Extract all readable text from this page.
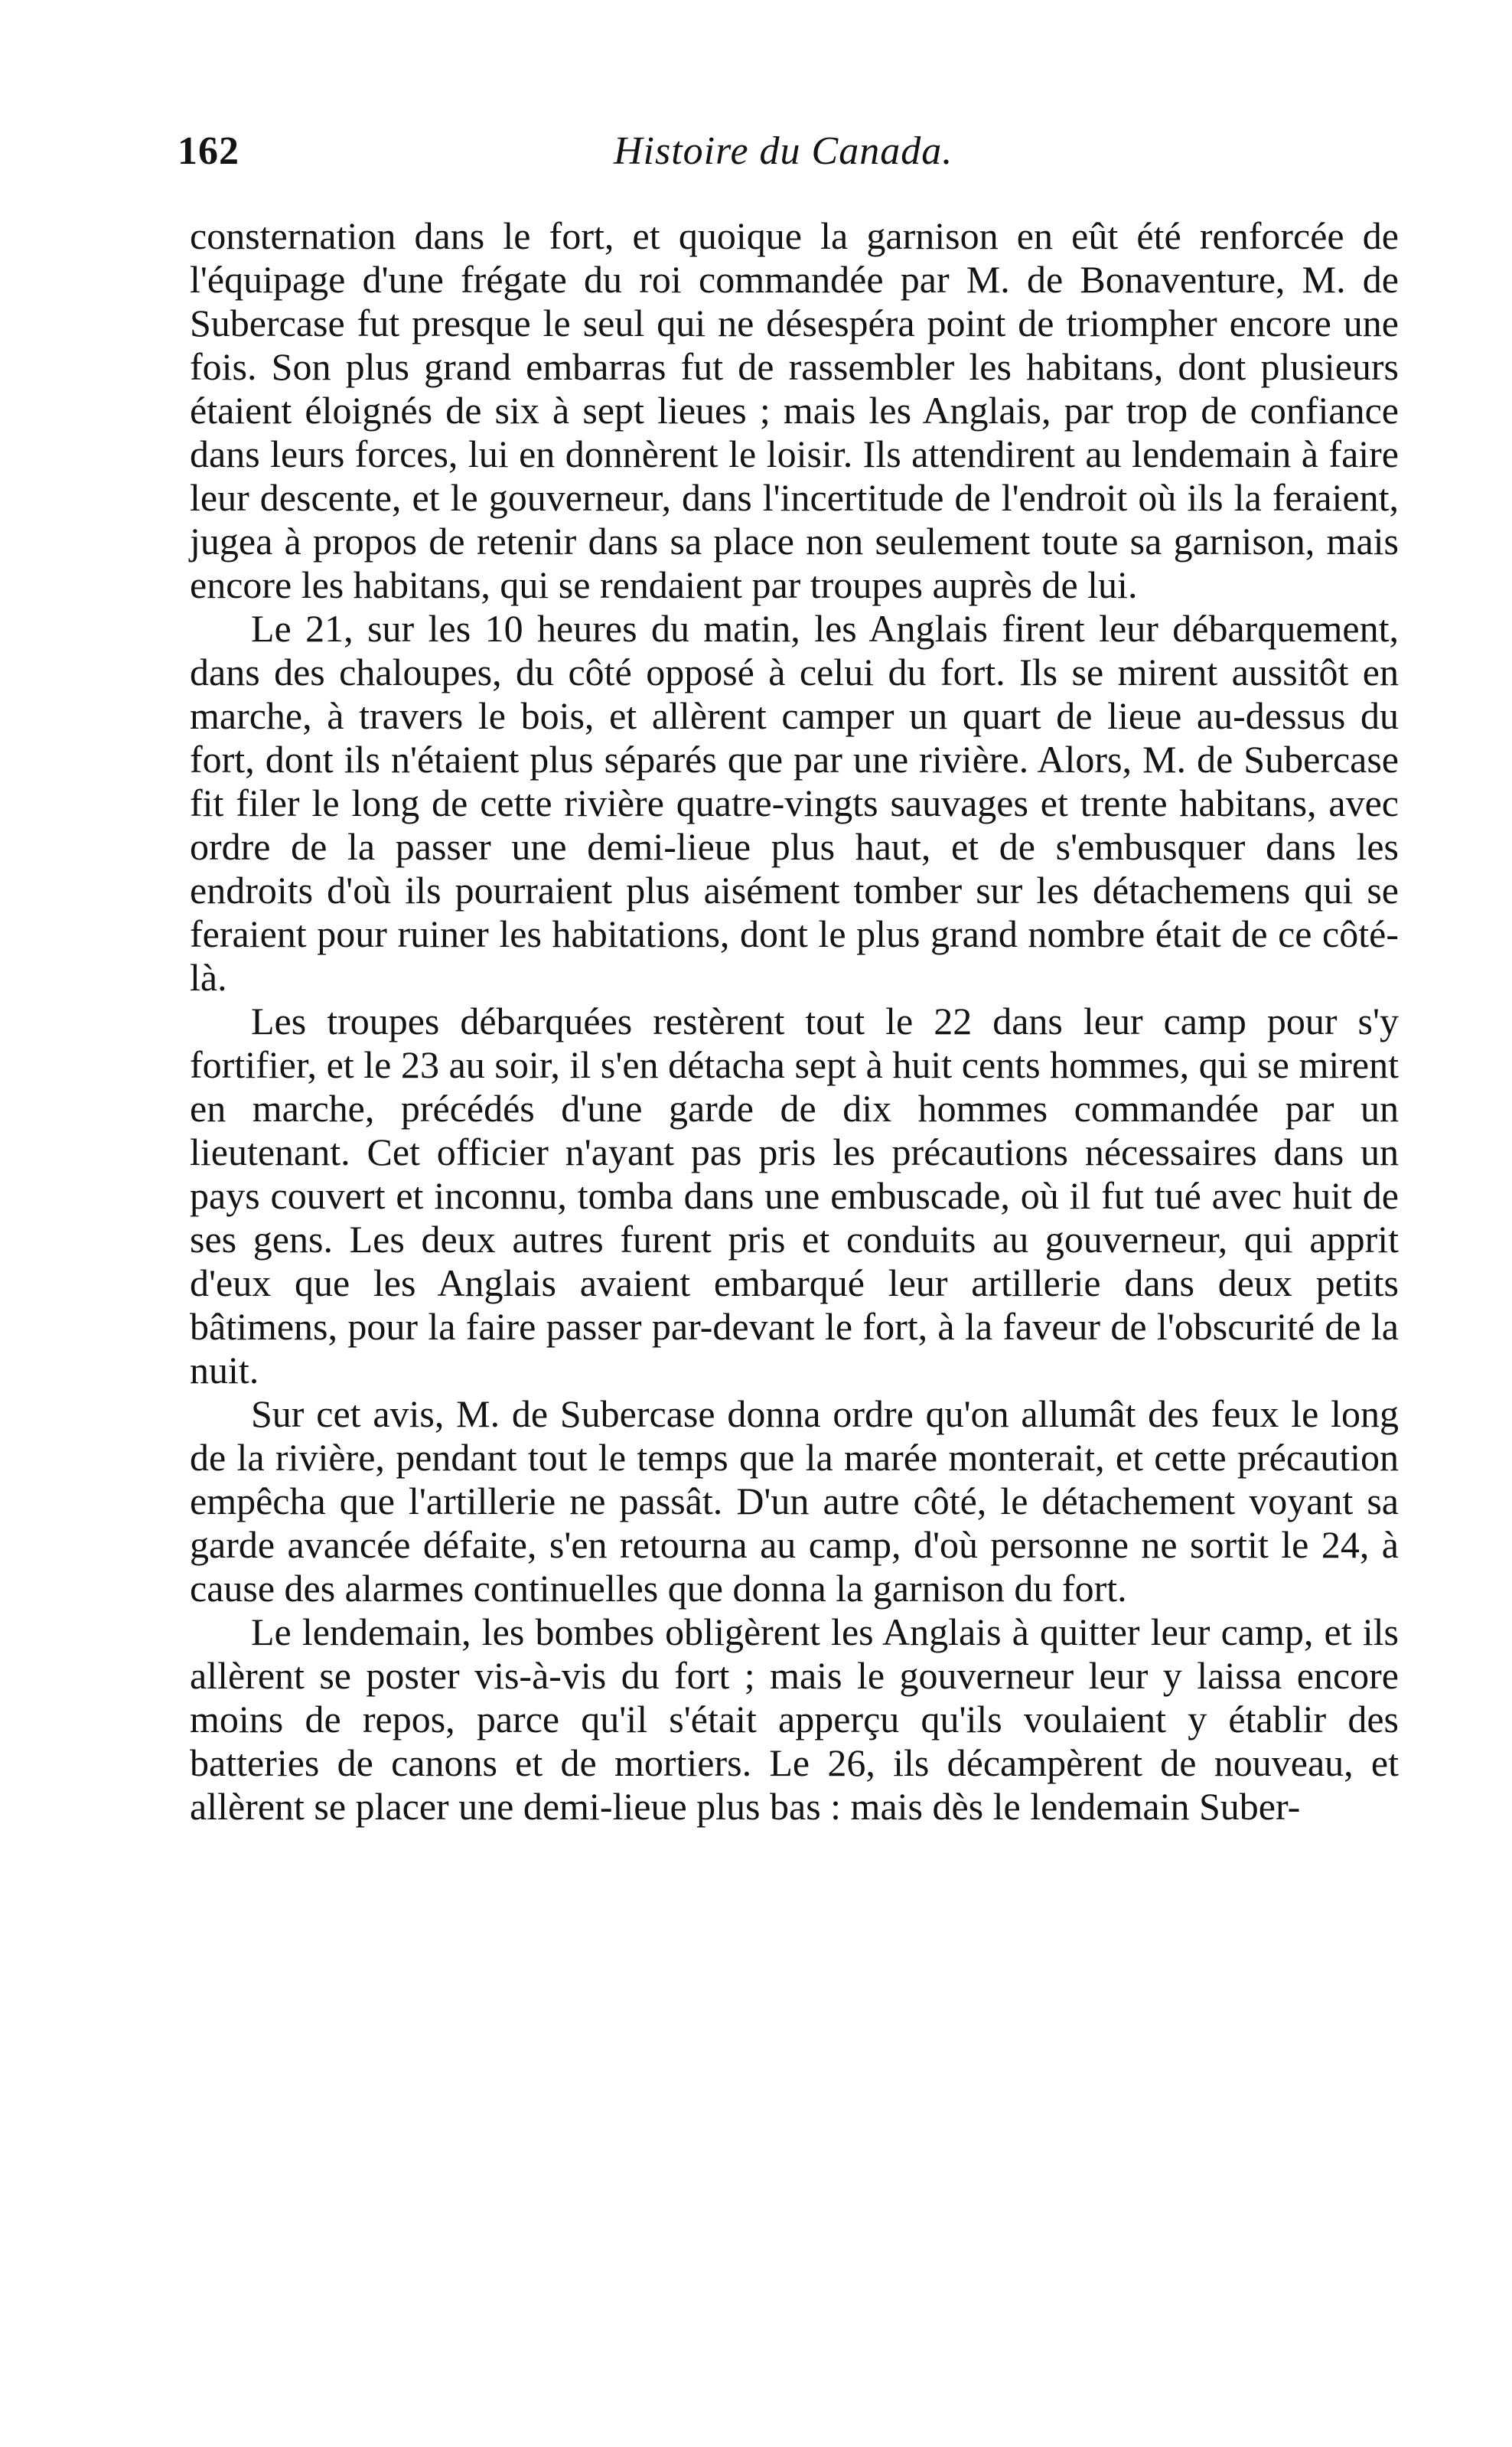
162	Histoire du Canada.

consternation dans le fort, et quoique la garnison en eût été renforcée de l'équipage d'une frégate du roi commandée par M. de Bonaventure, M. de Subercase fut presque le seul qui ne désespéra point de triompher encore une fois. Son plus grand embarras fut de rassembler les habitans, dont plusieurs étaient éloignés de six à sept lieues ; mais les Anglais, par trop de confiance dans leurs forces, lui en donnèrent le loisir. Ils attendirent au lendemain à faire leur descente, et le gouverneur, dans l'incertitude de l'endroit où ils la feraient, jugea à propos de retenir dans sa place non seulement toute sa garnison, mais encore les habitans, qui se rendaient par troupes auprès de lui.

Le 21, sur les 10 heures du matin, les Anglais firent leur débarquement, dans des chaloupes, du côté opposé à celui du fort. Ils se mirent aussitôt en marche, à travers le bois, et allèrent camper un quart de lieue au-dessus du fort, dont ils n'étaient plus séparés que par une rivière. Alors, M. de Subercase fit filer le long de cette rivière quatre-vingts sauvages et trente habitans, avec ordre de la passer une demi-lieue plus haut, et de s'embusquer dans les endroits d'où ils pourraient plus aisément tomber sur les détachemens qui se feraient pour ruiner les habitations, dont le plus grand nombre était de ce côté-là.

Les troupes débarquées restèrent tout le 22 dans leur camp pour s'y fortifier, et le 23 au soir, il s'en détacha sept à huit cents hommes, qui se mirent en marche, précédés d'une garde de dix hommes commandée par un lieutenant. Cet officier n'ayant pas pris les précautions nécessaires dans un pays couvert et inconnu, tomba dans une embuscade, où il fut tué avec huit de ses gens. Les deux autres furent pris et conduits au gouverneur, qui apprit d'eux que les Anglais avaient embarqué leur artillerie dans deux petits bâtimens, pour la faire passer par-devant le fort, à la faveur de l'obscurité de la nuit.

Sur cet avis, M. de Subercase donna ordre qu'on allumât des feux le long de la rivière, pendant tout le temps que la marée monterait, et cette précaution empêcha que l'artillerie ne passât. D'un autre côté, le détachement voyant sa garde avancée défaite, s'en retourna au camp, d'où personne ne sortit le 24, à cause des alarmes continuelles que donna la garnison du fort.

Le lendemain, les bombes obligèrent les Anglais à quitter leur camp, et ils allèrent se poster vis-à-vis du fort ; mais le gouverneur leur y laissa encore moins de repos, parce qu'il s'était apperçu qu'ils voulaient y établir des batteries de canons et de mortiers. Le 26, ils décampèrent de nouveau, et allèrent se placer une demi-lieue plus bas : mais dès le lendemain Suber-
